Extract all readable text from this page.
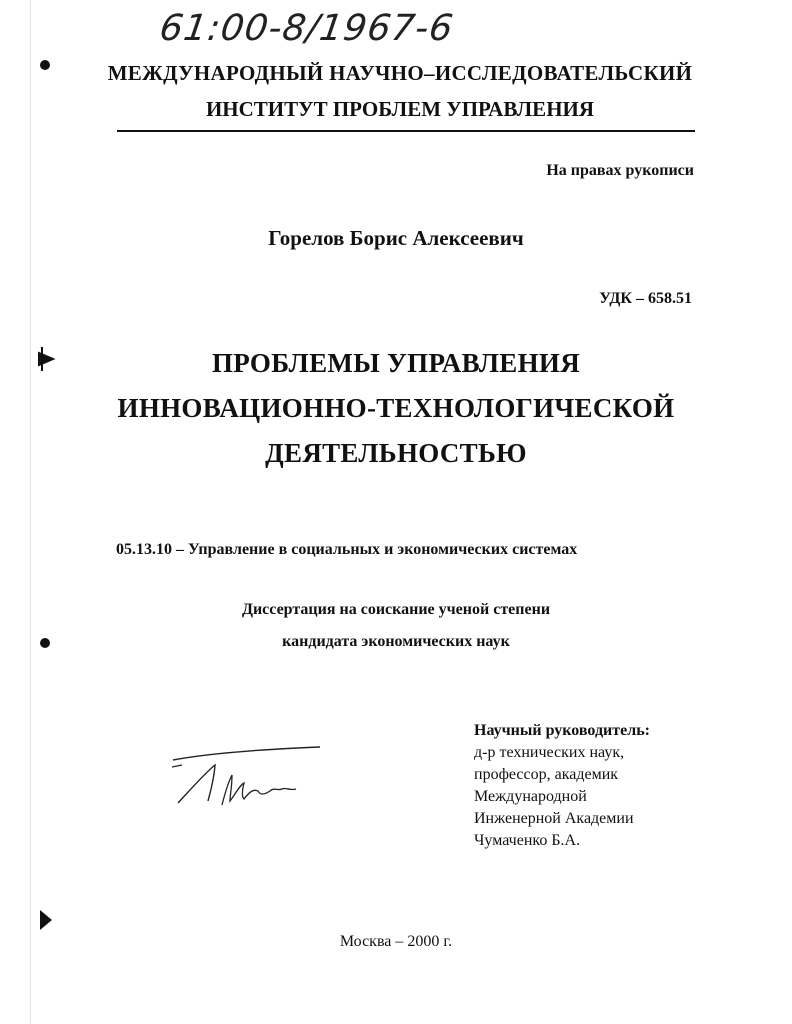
61:00-8/1967-6
МЕЖДУНАРОДНЫЙ НАУЧНО–ИССЛЕДОВАТЕЛЬСКИЙ
ИНСТИТУТ ПРОБЛЕМ УПРАВЛЕНИЯ
На правах рукописи
Горелов Борис Алексеевич
УДК – 658.51
ПРОБЛЕМЫ УПРАВЛЕНИЯ
ИННОВАЦИОННО-ТЕХНОЛОГИЧЕСКОЙ
ДЕЯТЕЛЬНОСТЬЮ
05.13.10 – Управление в социальных и экономических системах
Диссертация на соискание ученой степени
кандидата экономических наук
Научный руководитель:
д-р технических наук,
профессор, академик
Международной
Инженерной Академии
Чумаченко Б.А.
Москва – 2000 г.
